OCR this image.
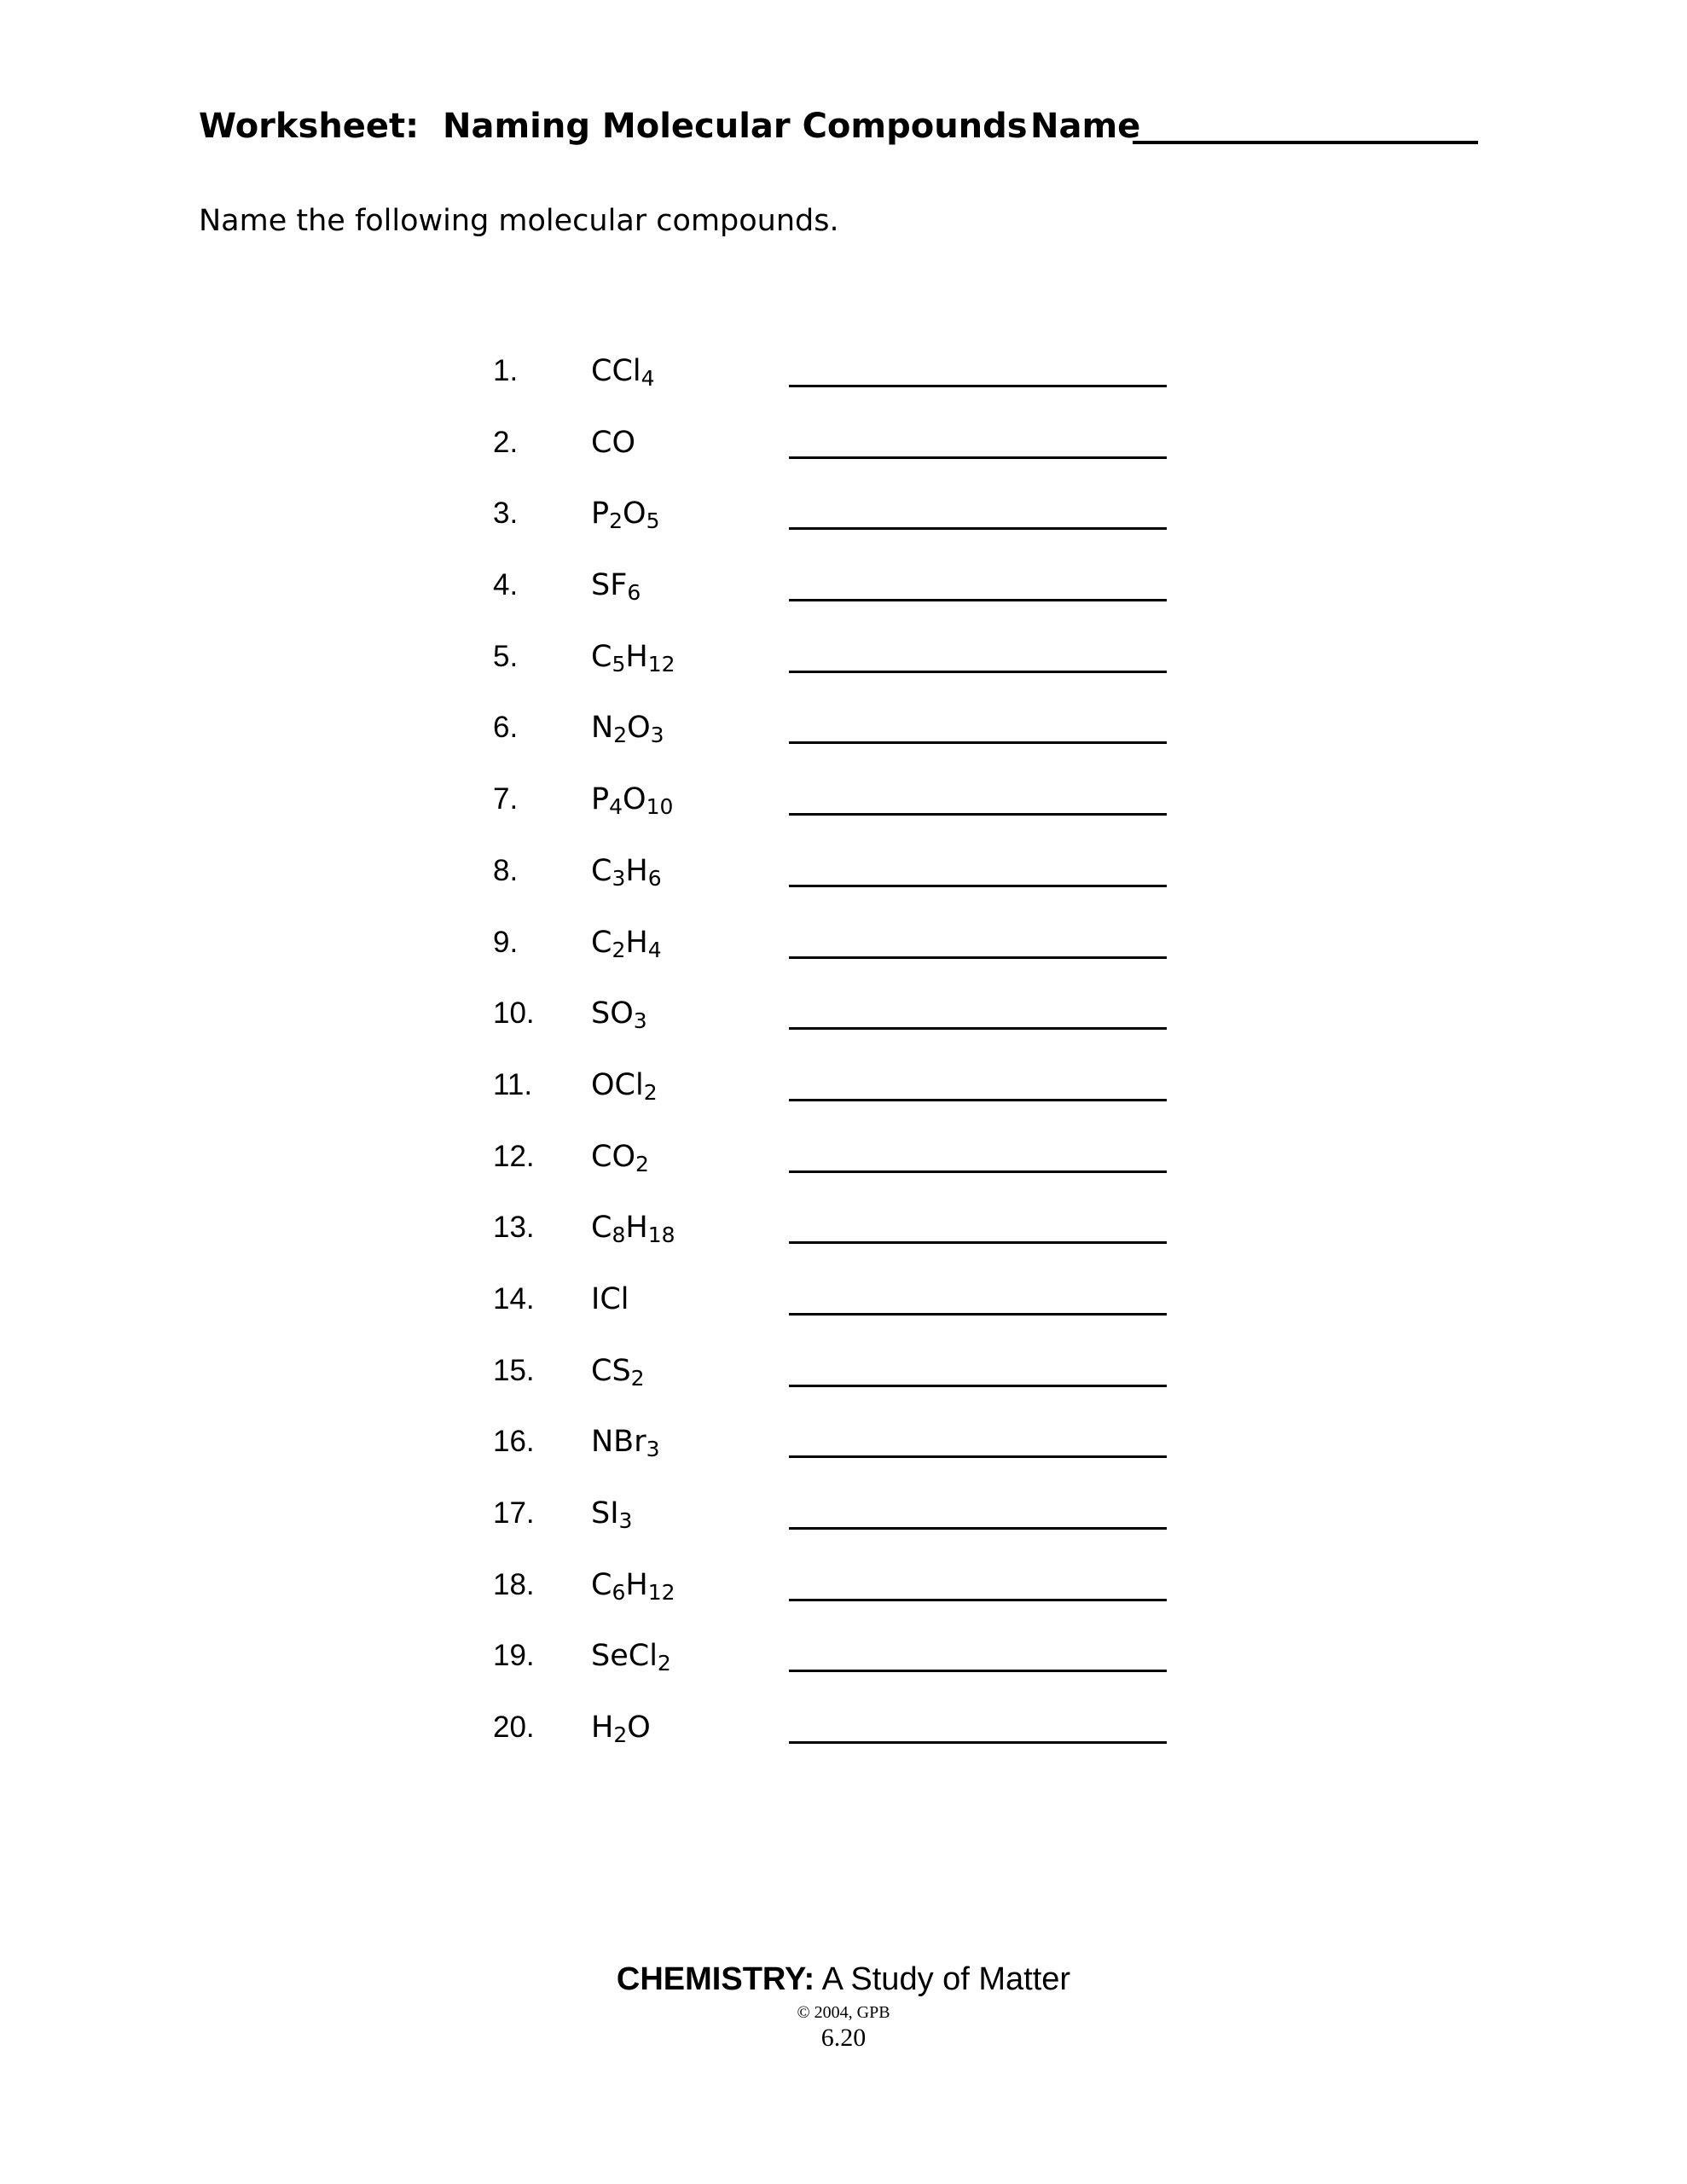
Worksheet:  Naming Molecular Compounds Name
Name the following molecular compounds.
1. CCl$_4$
2. CO
3. $P_2O_5$
4. $SF_6$
5. $C_5H_{12}$
6. $N_2O_3$
7. $P_4O_{10}$
8. $C_3H_6$
9. $C_2H_4$
10. $SO_3$
11. OCl$_2$
12. $CO_2$
13. $C_8H_{18}$
14. ICl
15. $CS_2$
16. NBr$_3$
17. $SI_3$
18. $C_6H_{12}$
19. SeCl$_2$
20. $H_2O$
CHEMISTRY: A Study of Matter
© 2004, GPB
6.20
